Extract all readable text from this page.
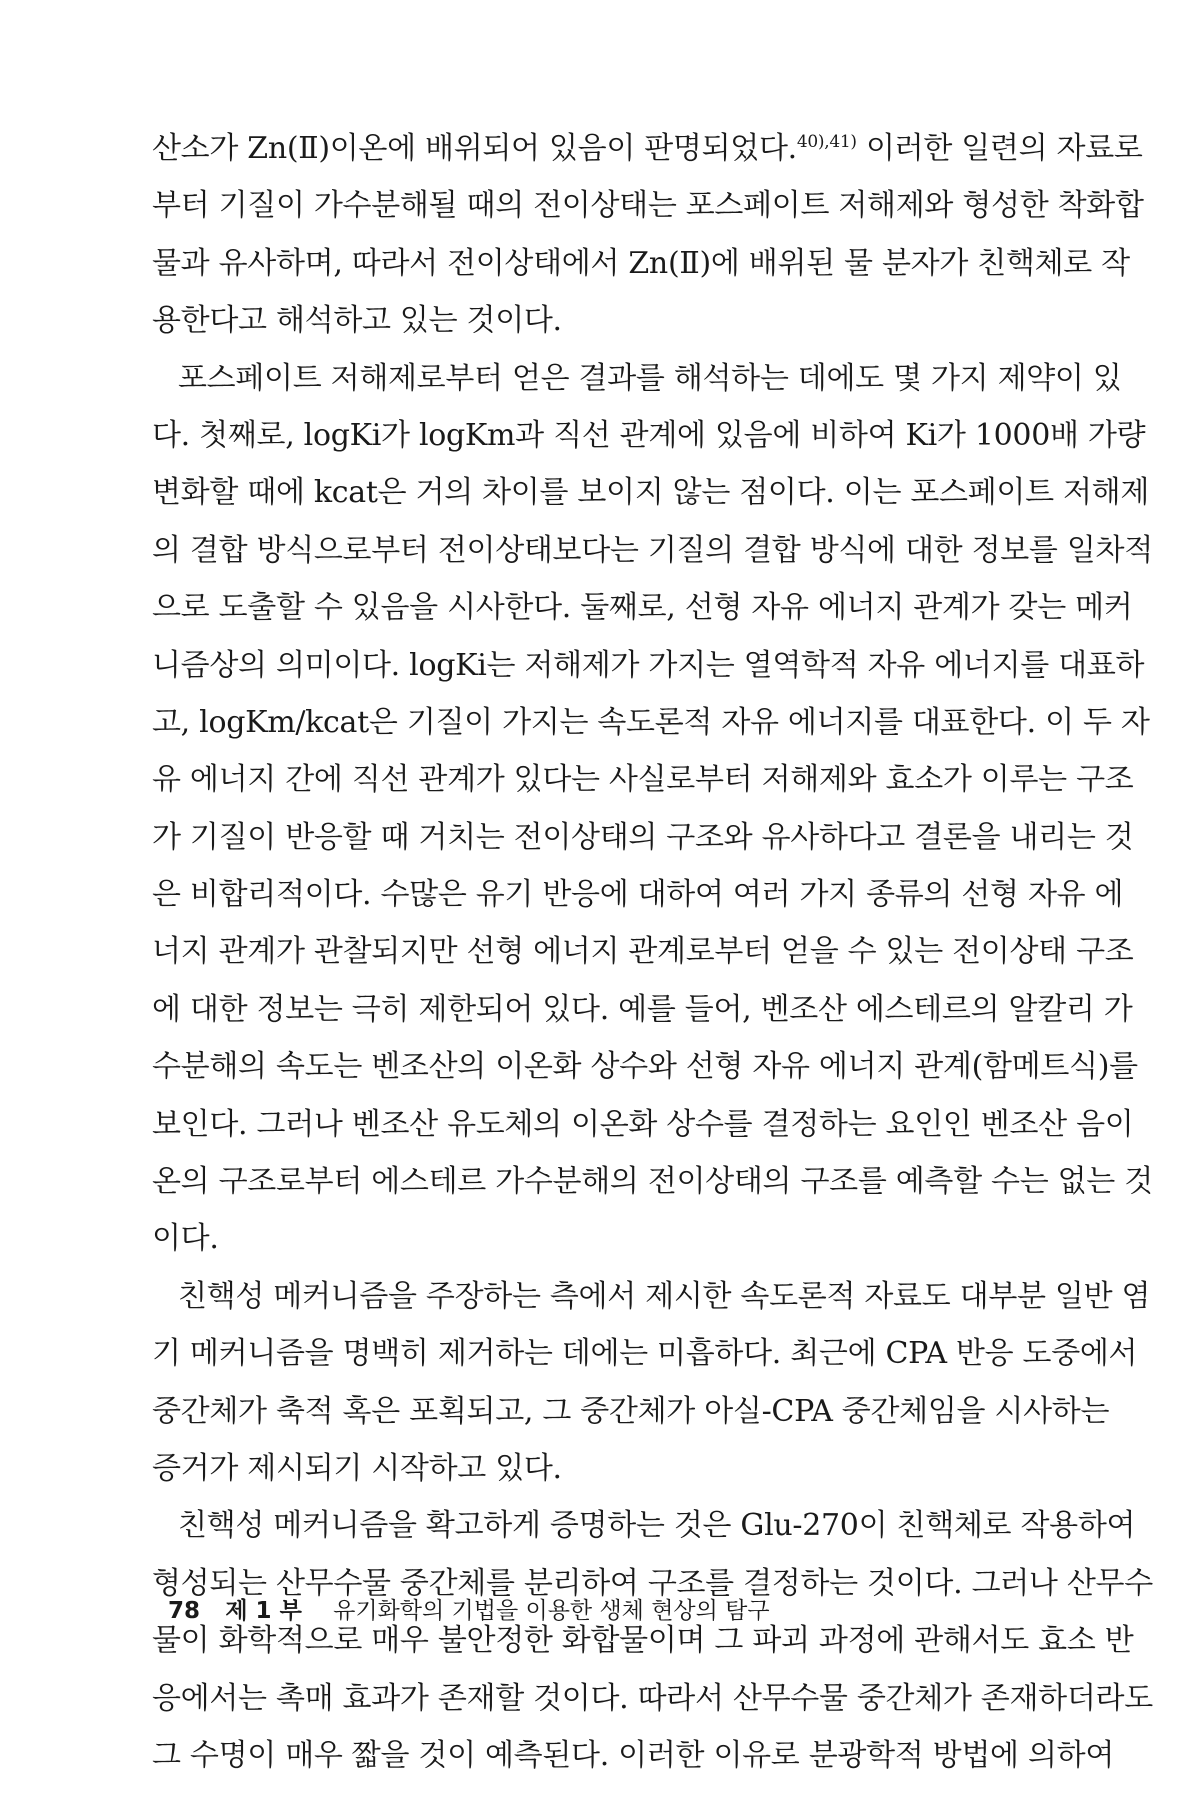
산소가 Zn(Ⅱ)이온에 배위되어 있음이 판명되었다.$^{40),41)}$ 이러한 일련의 자료로
부터 기질이 가수분해될 때의 전이상태는 포스페이트 저해제와 형성한 착화합
물과 유사하며, 따라서 전이상태에서 Zn(Ⅱ)에 배위된 물 분자가 친핵체로 작
용한다고 해석하고 있는 것이다.
포스페이트 저해제로부터 얻은 결과를 해석하는 데에도 몇 가지 제약이 있
다. 첫째로, logKi가 logKm과 직선 관계에 있음에 비하여 Ki가 1000배 가량
변화할 때에 kcat은 거의 차이를 보이지 않는 점이다. 이는 포스페이트 저해제
의 결합 방식으로부터 전이상태보다는 기질의 결합 방식에 대한 정보를 일차적
으로 도출할 수 있음을 시사한다. 둘째로, 선형 자유 에너지 관계가 갖는 메커
니즘상의 의미이다. logKi는 저해제가 가지는 열역학적 자유 에너지를 대표하
고, logKm/kcat은 기질이 가지는 속도론적 자유 에너지를 대표한다. 이 두 자
유 에너지 간에 직선 관계가 있다는 사실로부터 저해제와 효소가 이루는 구조
가 기질이 반응할 때 거치는 전이상태의 구조와 유사하다고 결론을 내리는 것
은 비합리적이다. 수많은 유기 반응에 대하여 여러 가지 종류의 선형 자유 에
너지 관계가 관찰되지만 선형 에너지 관계로부터 얻을 수 있는 전이상태 구조
에 대한 정보는 극히 제한되어 있다. 예를 들어, 벤조산 에스테르의 알칼리 가
수분해의 속도는 벤조산의 이온화 상수와 선형 자유 에너지 관계(함메트식)를
보인다. 그러나 벤조산 유도체의 이온화 상수를 결정하는 요인인 벤조산 음이
온의 구조로부터 에스테르 가수분해의 전이상태의 구조를 예측할 수는 없는 것
이다.
친핵성 메커니즘을 주장하는 측에서 제시한 속도론적 자료도 대부분 일반 염
기 메커니즘을 명백히 제거하는 데에는 미흡하다. 최근에 CPA 반응 도중에서
중간체가 축적 혹은 포획되고, 그 중간체가 아실-CPA 중간체임을 시사하는
증거가 제시되기 시작하고 있다.
친핵성 메커니즘을 확고하게 증명하는 것은 Glu-270이 친핵체로 작용하여
형성되는 산무수물 중간체를 분리하여 구조를 결정하는 것이다. 그러나 산무수
물이 화학적으로 매우 불안정한 화합물이며 그 파괴 과정에 관해서도 효소 반
응에서는 촉매 효과가 존재할 것이다. 따라서 산무수물 중간체가 존재하더라도
그 수명이 매우 짧을 것이 예측된다. 이러한 이유로 분광학적 방법에 의하여
78 제 1 부 유기화학의 기법을 이용한 생체 현상의 탐구
